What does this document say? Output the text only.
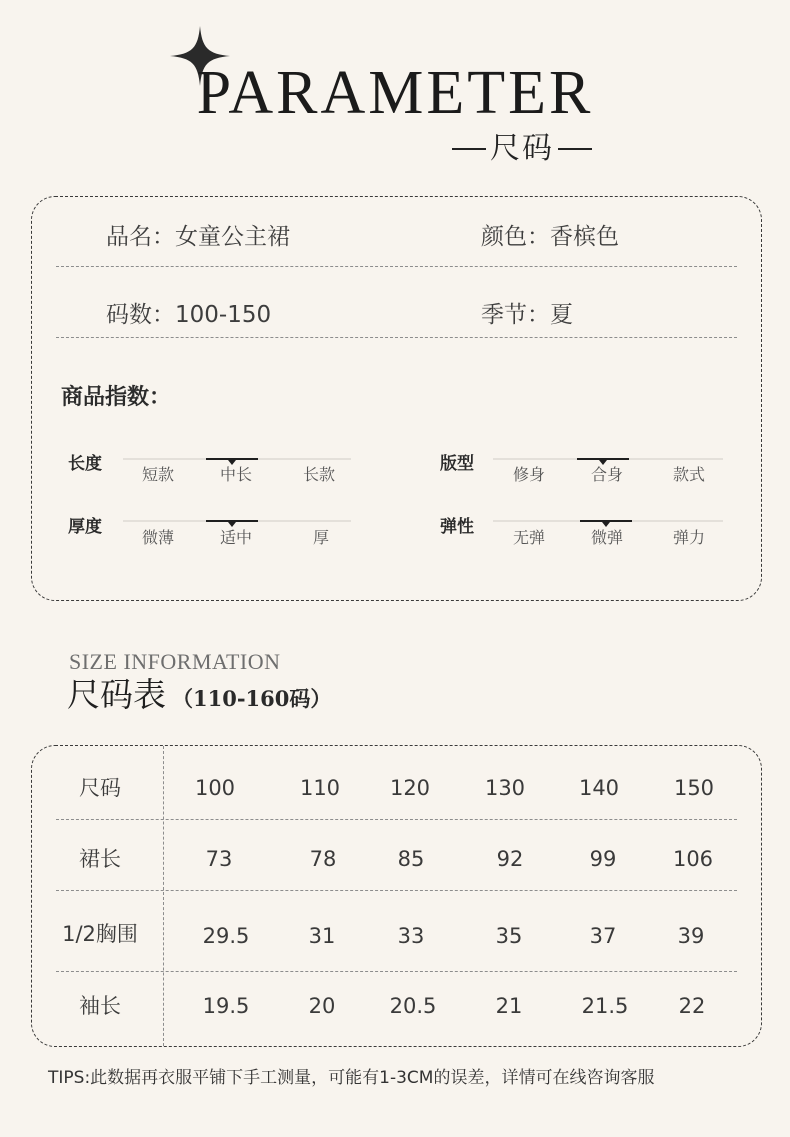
PARAMETER
尺码
品名：女童公主裙	颜色：香槟色
码数：100-150	季节：夏
商品指数：
长度
短款	中长	长款
版型
修身	合身	款式
厚度
微薄	适中	厚
弹性
无弹	微弹	弹力
SIZE INFORMATION
尺码表 （110-160码）
尺码	100	110	120	130	140	150
裙长	73	78	85	92	99	106
1/2胸围	29.5	31	33	35	37	39
袖长	19.5	20	20.5	21	21.5	22
TIPS:此数据再衣服平铺下手工测量，可能有1-3CM的误差，详情可在线咨询客服
